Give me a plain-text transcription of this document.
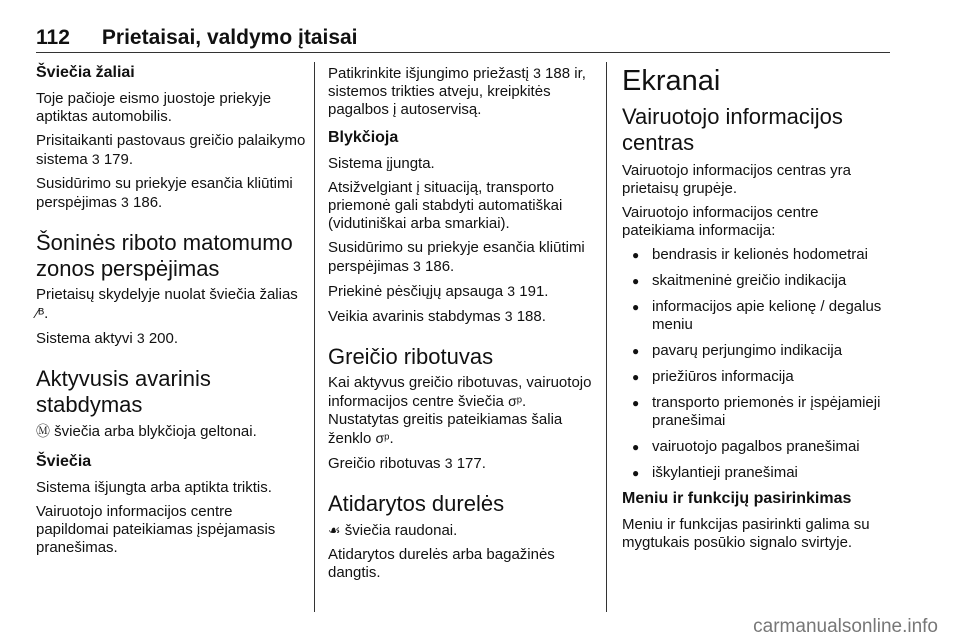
112 Prietaisai, valdymo įtaisai

Šviečia žaliai

Toje pačioje eismo juostoje priekyje aptiktas automobilis.

Prisitaikanti pastovaus greičio palaikymo sistema 3 179.

Susidūrimo su priekyje esančia kliūtimi perspėjimas 3 186.

Šoninės riboto matomumo zonos perspėjimas

Prietaisų skydelyje nuolat šviečia žalias ⁄ᴮ.

Sistema aktyvi 3 200.

Aktyvusis avarinis stabdymas

Ⓜ šviečia arba blykčioja geltonai.

Šviečia

Sistema išjungta arba aptikta triktis.

Vairuotojo informacijos centre papildomai pateikiamas įspėjamasis pranešimas.

Patikrinkite išjungimo priežastį 3 188 ir, sistemos trikties atveju, kreipkitės pagalbos į autoservisą.

Blykčioja

Sistema įjungta.

Atsižvelgiant į situaciją, transporto priemonė gali stabdyti automatiškai (vidutiniškai arba smarkiai).

Susidūrimo su priekyje esančia kliūtimi perspėjimas 3 186.

Priekinė pėsčiųjų apsauga 3 191.

Veikia avarinis stabdymas 3 188.

Greičio ribotuvas

Kai aktyvus greičio ribotuvas, vairuotojo informacijos centre šviečia σᵖ. Nustatytas greitis pateikiamas šalia ženklo σᵖ.

Greičio ribotuvas 3 177.

Atidarytos durelės

☙ šviečia raudonai.

Atidarytos durelės arba bagažinės dangtis.

Ekranai

Vairuotojo informacijos centras

Vairuotojo informacijos centras yra prietaisų grupėje.

Vairuotojo informacijos centre pateikiama informacija:

● bendrasis ir kelionės hodometrai
● skaitmeninė greičio indikacija
● informacijos apie kelionę / degalus meniu
● pavarų perjungimo indikacija
● priežiūros informacija
● transporto priemonės ir įspėjamieji pranešimai
● vairuotojo pagalbos pranešimai
● iškylantieji pranešimai

Meniu ir funkcijų pasirinkimas

Meniu ir funkcijas pasirinkti galima su mygtukais posūkio signalo svirtyje.

carmanualsonline.info
